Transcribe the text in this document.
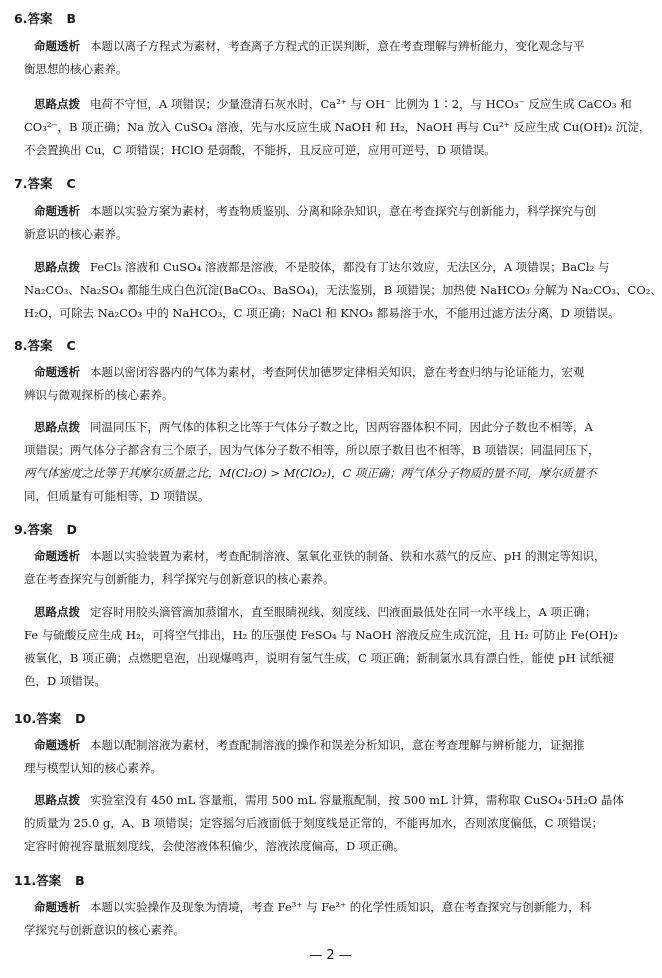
6.答案 B

命题透析 本题以离子方程式为素材，考查离子方程式的正误判断，意在考查理解与辨析能力，变化观念与平

衡思想的核心素养。

思路点拨 电荷不守恒，A 项错误；少量澄清石灰水时，Ca²⁺ 与 OH⁻ 比例为 1∶2，与 HCO₃⁻ 反应生成 CaCO₃ 和

CO₃²⁻，B 项正确；Na 放入 CuSO₄ 溶液，先与水反应生成 NaOH 和 H₂，NaOH 再与 Cu²⁺ 反应生成 Cu(OH)₂ 沉淀，

不会置换出 Cu，C 项错误；HClO 是弱酸，不能拆，且反应可逆，应用可逆号，D 项错误。

7.答案 C

命题透析 本题以实验方案为素材，考查物质鉴别、分离和除杂知识，意在考查探究与创新能力，科学探究与创

新意识的核心素养。

思路点拨 FeCl₃ 溶液和 CuSO₄ 溶液都是溶液，不是胶体，都没有丁达尔效应，无法区分，A 项错误；BaCl₂ 与

Na₂CO₃、Na₂SO₄ 都能生成白色沉淀(BaCO₃、BaSO₄)，无法鉴别，B 项错误；加热使 NaHCO₃ 分解为 Na₂CO₃、CO₂、

H₂O，可除去 Na₂CO₃ 中的 NaHCO₃，C 项正确；NaCl 和 KNO₃ 都易溶于水，不能用过滤方法分离，D 项错误。

8.答案 C

命题透析 本题以密闭容器内的气体为素材，考查阿伏加德罗定律相关知识，意在考查归纳与论证能力，宏观

辨识与微观探析的核心素养。

思路点拨 同温同压下，两气体的体积之比等于气体分子数之比，因两容器体积不同，因此分子数也不相等，A

项错误；两气体分子都含有三个原子，因为气体分子数不相等，所以原子数目也不相等，B 项错误；同温同压下，

两气体密度之比等于其摩尔质量之比，M(Cl₂O) > M(ClO₂)，C 项正确；两气体分子物质的量不同，摩尔质量不

同，但质量有可能相等，D 项错误。

9.答案 D

命题透析 本题以实验装置为素材，考查配制溶液、氢氧化亚铁的制备、铁和水蒸气的反应、pH 的测定等知识，

意在考查探究与创新能力，科学探究与创新意识的核心素养。

思路点拨 定容时用胶头滴管滴加蒸馏水，直至眼睛视线、刻度线、凹液面最低处在同一水平线上，A 项正确；

Fe 与硫酸反应生成 H₂，可将空气排出，H₂ 的压强使 FeSO₄ 与 NaOH 溶液反应生成沉淀，且 H₂ 可防止 Fe(OH)₂

被氧化，B 项正确；点燃肥皂泡，出现爆鸣声，说明有氢气生成，C 项正确；新制氯水具有漂白性，能使 pH 试纸褪

色，D 项错误。

10.答案 D

命题透析 本题以配制溶液为素材，考查配制溶液的操作和误差分析知识，意在考查理解与辨析能力，证据推

理与模型认知的核心素养。

思路点拨 实验室没有 450 mL 容量瓶，需用 500 mL 容量瓶配制，按 500 mL 计算，需称取 CuSO₄·5H₂O 晶体

的质量为 25.0 g，A、B 项错误；定容摇匀后液面低于刻度线是正常的，不能再加水，否则浓度偏低，C 项错误；

定容时俯视容量瓶刻度线，会使溶液体积偏少，溶液浓度偏高，D 项正确。

11.答案 B

命题透析 本题以实验操作及现象为情境，考查 Fe³⁺ 与 Fe²⁺ 的化学性质知识，意在考查探究与创新能力，科

学探究与创新意识的核心素养。

— 2 —
